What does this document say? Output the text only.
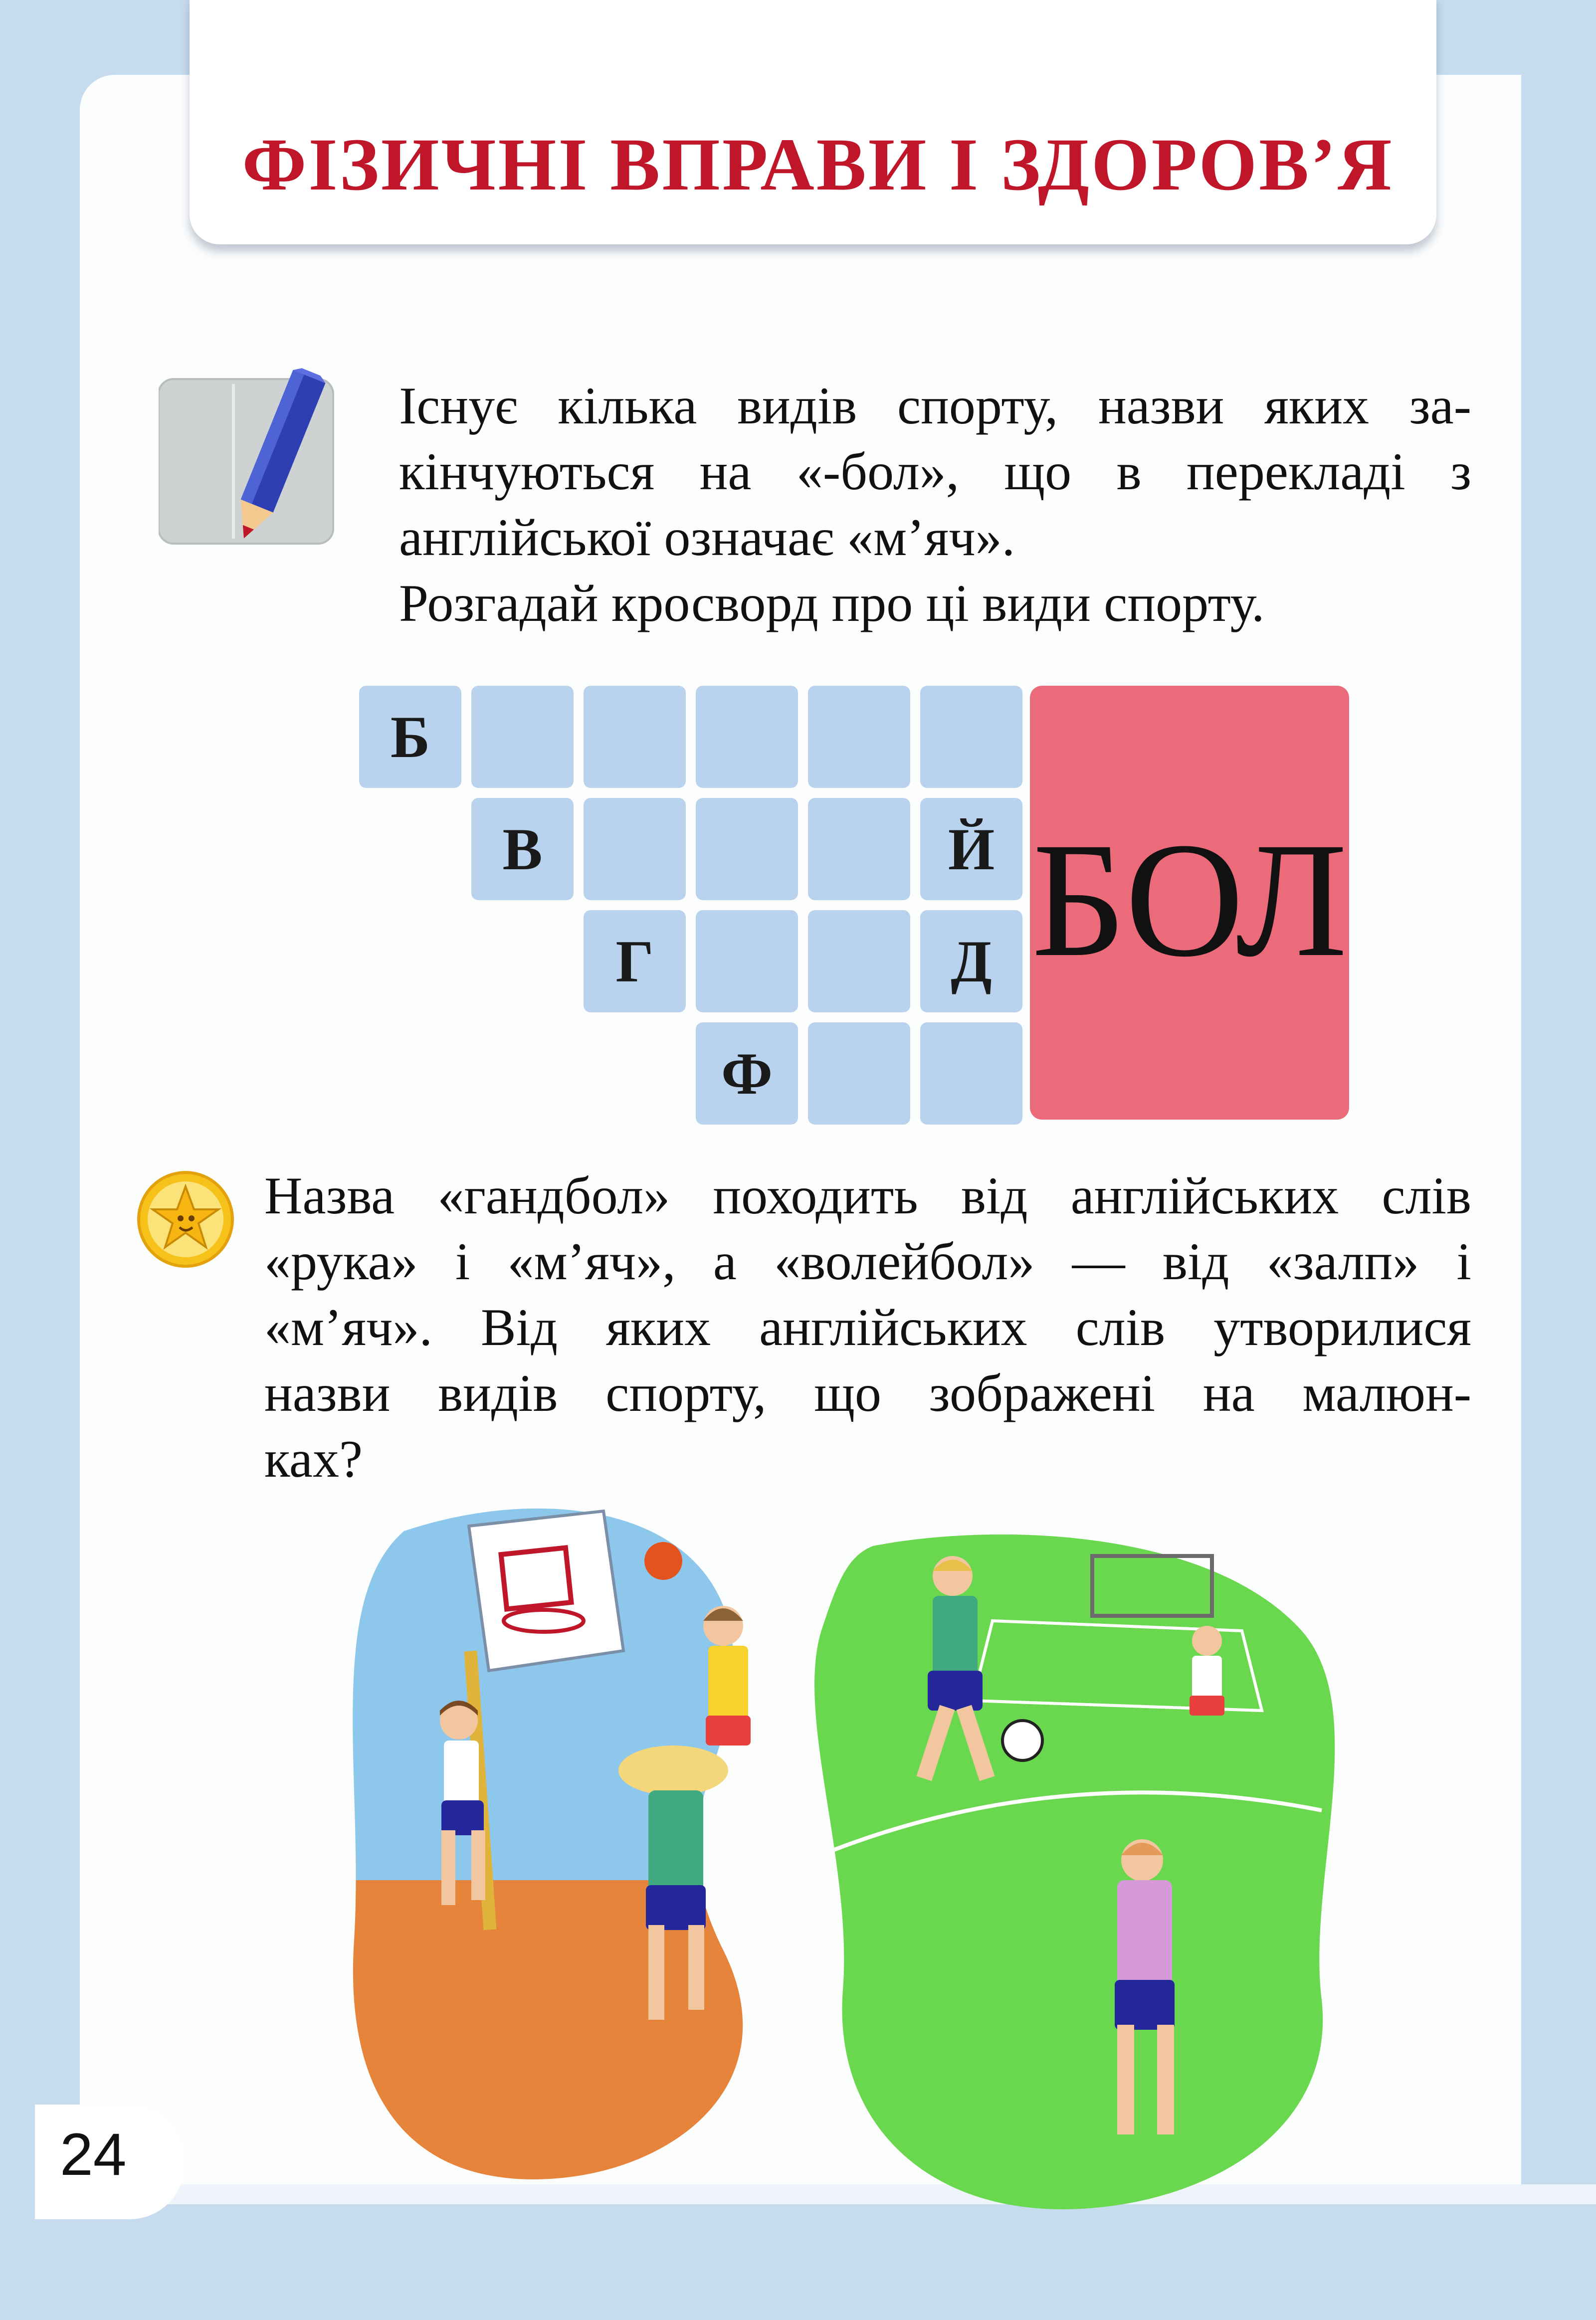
ФІЗИЧНІ ВПРАВИ І ЗДОРОВ’Я
Існує кілька видів спорту, назви яких за-
кінчуються на «-бол», що в перекладі з
англійської означає «м’яч».
Розгадай кросворд про ці види спорту.
БОЛ
Б
В	Й
Г	Д
Ф
Назва «гандбол» походить від англійських слів
«рука» і «м’яч», а «волейбол» — від «залп» і
«м’яч». Від яких англійських слів утворилися
назви видів спорту, що зображені на малюн-
ках?
24
